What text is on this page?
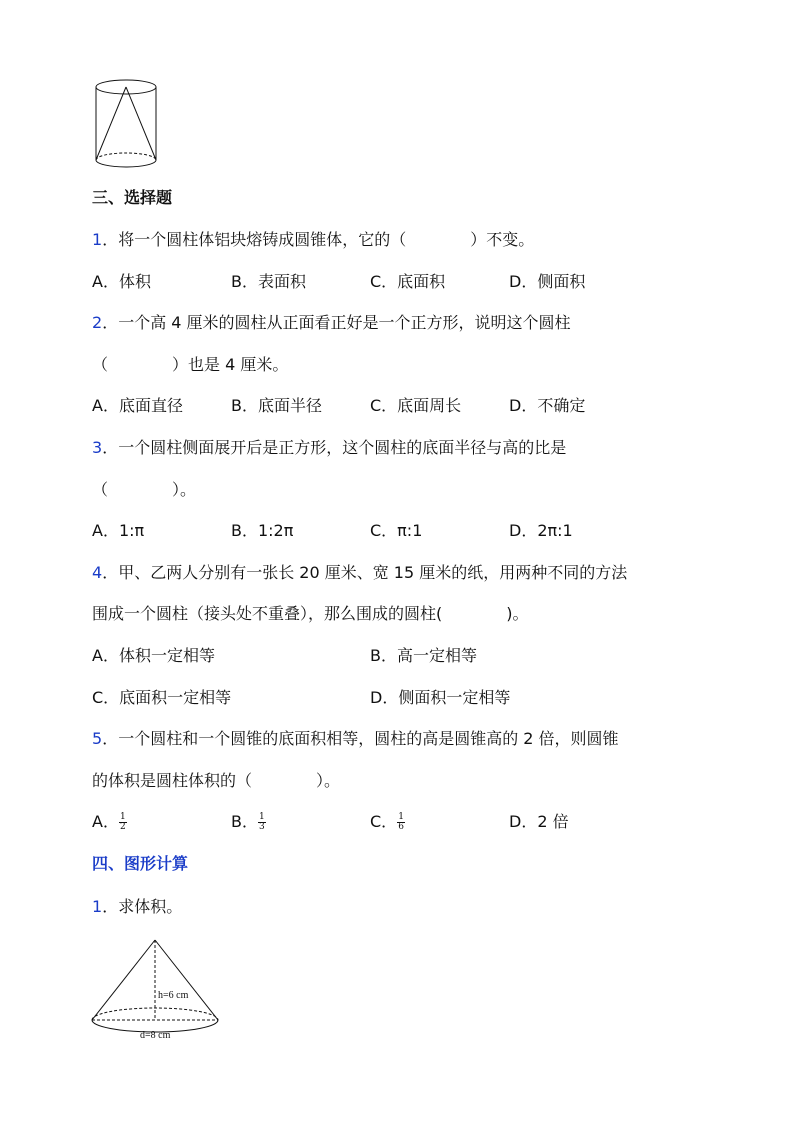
三、选择题
1．将一个圆柱体铝块熔铸成圆锥体，它的（　　　　）不变。
A．体积	B．表面积	C．底面积	D．侧面积
2．一个高 4 厘米的圆柱从正面看正好是一个正方形，说明这个圆柱
（　　　　）也是 4 厘米。
A．底面直径	B．底面半径	C．底面周长	D．不确定
3．一个圆柱侧面展开后是正方形，这个圆柱的底面半径与高的比是
（　　　　）。
A．1:π	B．1:2π	C．π:1	D．2π:1
4．甲、乙两人分别有一张长 20 厘米、宽 15 厘米的纸，用两种不同的方法
围成一个圆柱（接头处不重叠），那么围成的圆柱(　　　　)。
A．体积一定相等	B．高一定相等
C．底面积一定相等	D．侧面积一定相等
5．一个圆柱和一个圆锥的底面积相等，圆柱的高是圆锥高的 2 倍，则圆锥
的体积是圆柱体积的（　　　　）。
A． $\frac{1}{2}$	B． $\frac{1}{3}$	C． $\frac{1}{6}$	D．2 倍
四、图形计算
1．求体积。
h=6 cm
d=8 cm
